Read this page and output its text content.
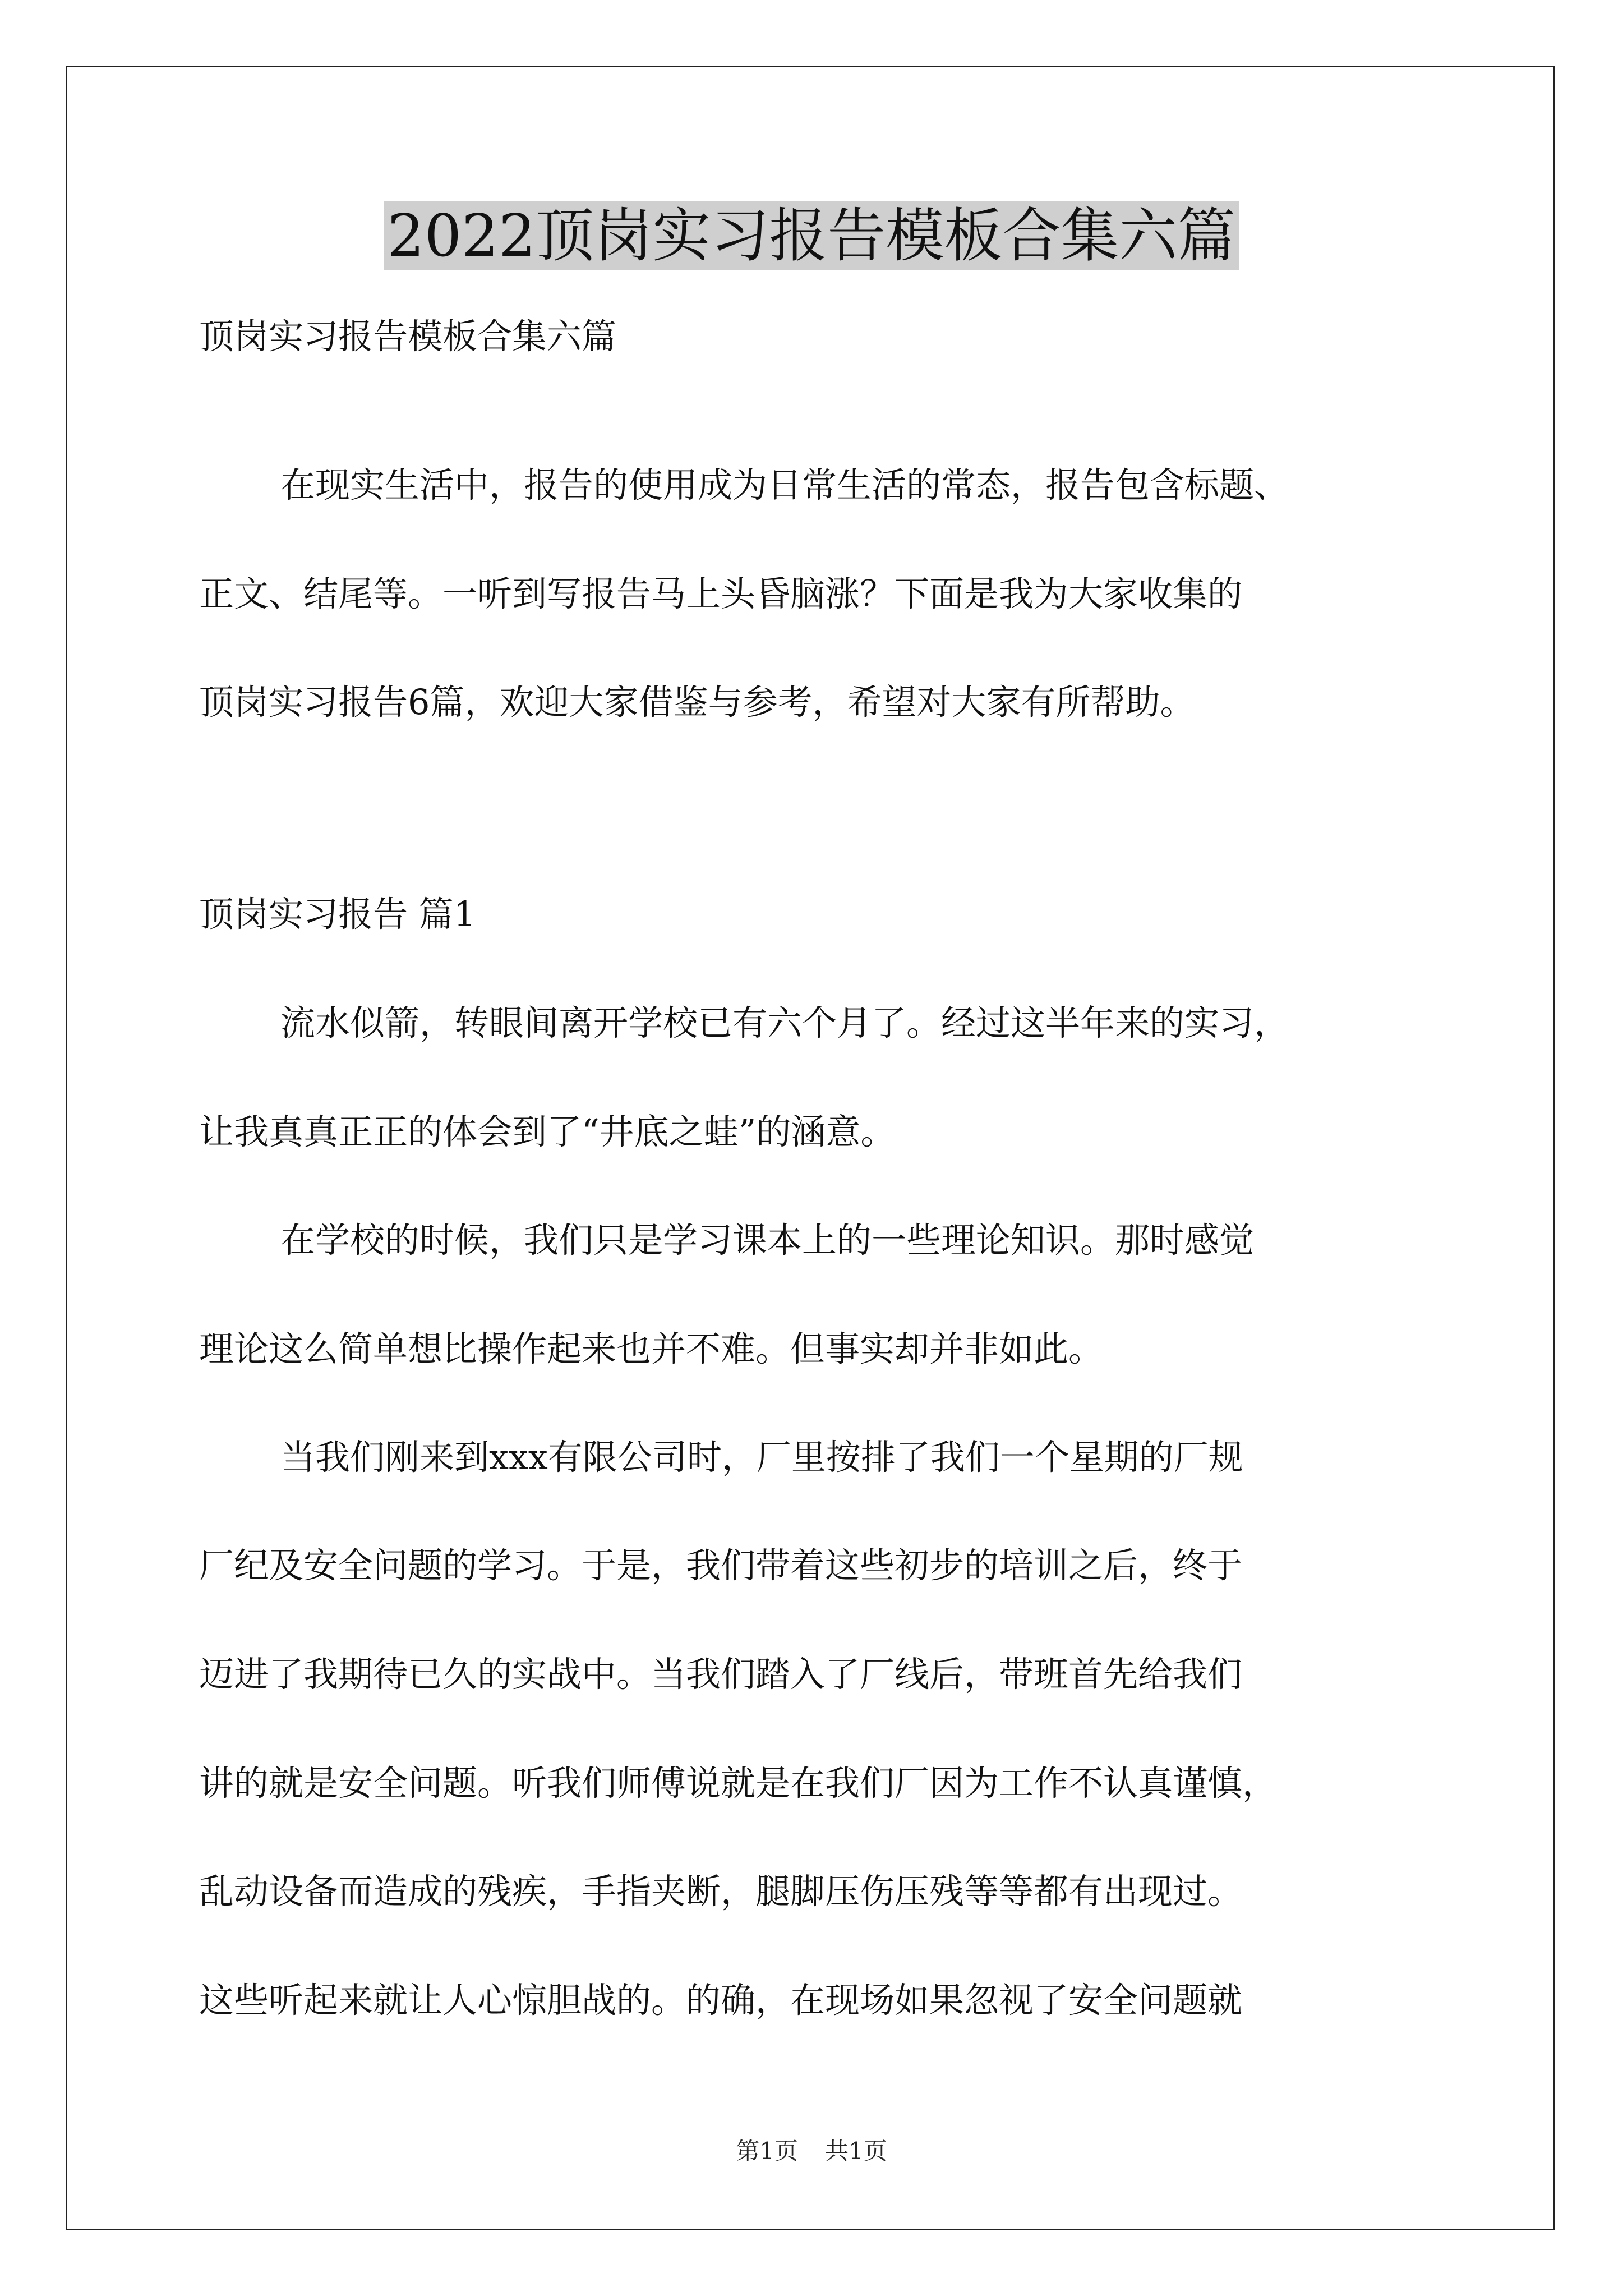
2022顶岗实习报告模板合集六篇

顶岗实习报告模板合集六篇

在现实生活中，报告的使用成为日常生活的常态，报告包含标题、

正文、结尾等。一听到写报告马上头昏脑涨？下面是我为大家收集的

顶岗实习报告6篇，欢迎大家借鉴与参考，希望对大家有所帮助。

顶岗实习报告 篇1

流水似箭，转眼间离开学校已有六个月了。经过这半年来的实习，

让我真真正正的体会到了“井底之蛙”的涵意。

在学校的时候，我们只是学习课本上的一些理论知识。那时感觉

理论这么简单想比操作起来也并不难。但事实却并非如此。

当我们刚来到xxx有限公司时，厂里按排了我们一个星期的厂规

厂纪及安全问题的学习。于是，我们带着这些初步的培训之后，终于

迈进了我期待已久的实战中。当我们踏入了厂线后，带班首先给我们

讲的就是安全问题。听我们师傅说就是在我们厂因为工作不认真谨慎，

乱动设备而造成的残疾，手指夹断，腿脚压伤压残等等都有出现过。

这些听起来就让人心惊胆战的。的确，在现场如果忽视了安全问题就

第1页 共1页
